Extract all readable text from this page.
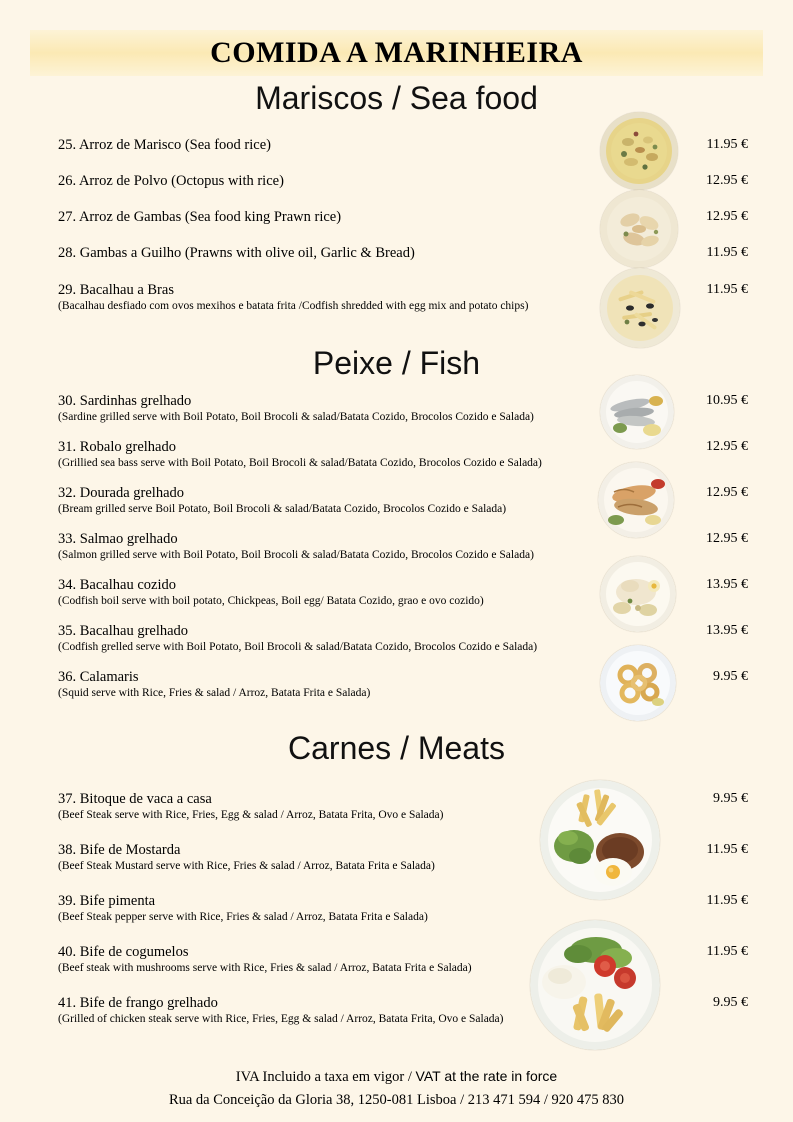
COMIDA A MARINHEIRA
Mariscos / Sea food
25. Arroz de Marisco (Sea food rice)	11.95 €
26. Arroz de Polvo (Octopus with rice)	12.95 €
27. Arroz de Gambas (Sea food king Prawn rice)	12.95 €
28. Gambas a Guilho (Prawns with olive oil, Garlic & Bread)	11.95 €
29. Bacalhau a Bras	11.95 €
(Bacalhau desfiado com ovos mexihos e batata frita /Codfish shredded with egg mix and potato chips)
Peixe / Fish
30. Sardinhas grelhado	10.95 €
(Sardine grilled serve with Boil Potato, Boil Brocoli & salad/Batata Cozido, Brocolos Cozido e Salada)
31. Robalo grelhado	12.95 €
(Grillied sea bass serve with Boil Potato, Boil Brocoli & salad/Batata Cozido, Brocolos Cozido e Salada)
32. Dourada grelhado	12.95 €
(Bream grilled serve Boil Potato, Boil Brocoli & salad/Batata Cozido, Brocolos Cozido e Salada)
33. Salmao grelhado	12.95 €
(Salmon grilled serve with Boil Potato, Boil Brocoli & salad/Batata Cozido, Brocolos Cozido e Salada)
34. Bacalhau cozido	13.95 €
(Codfish boil serve with boil potato, Chickpeas, Boil egg/ Batata Cozido, grao e ovo cozido)
35. Bacalhau grelhado	13.95 €
(Codfish grelled serve with Boil Potato, Boil Brocoli & salad/Batata Cozido, Brocolos Cozido e Salada)
36. Calamaris	9.95 €
(Squid serve with Rice, Fries & salad / Arroz, Batata Frita e Salada)
Carnes / Meats
37. Bitoque de vaca a casa	9.95 €
(Beef Steak serve with Rice, Fries, Egg & salad / Arroz, Batata Frita, Ovo e Salada)
38. Bife de Mostarda	11.95 €
(Beef Steak Mustard serve with Rice, Fries & salad / Arroz, Batata Frita e Salada)
39. Bife pimenta	11.95 €
(Beef Steak pepper serve with Rice, Fries & salad / Arroz, Batata Frita e Salada)
40. Bife de cogumelos	11.95 €
(Beef steak with mushrooms serve with Rice, Fries & salad / Arroz, Batata Frita e Salada)
41. Bife de frango grelhado	9.95 €
(Grilled of chicken steak serve with Rice, Fries, Egg & salad / Arroz, Batata Frita, Ovo e Salada)
IVA Incluido a taxa em vigor / VAT at the rate in force
Rua da Conceição da Gloria 38, 1250-081 Lisboa / 213 471 594 / 920 475 830
